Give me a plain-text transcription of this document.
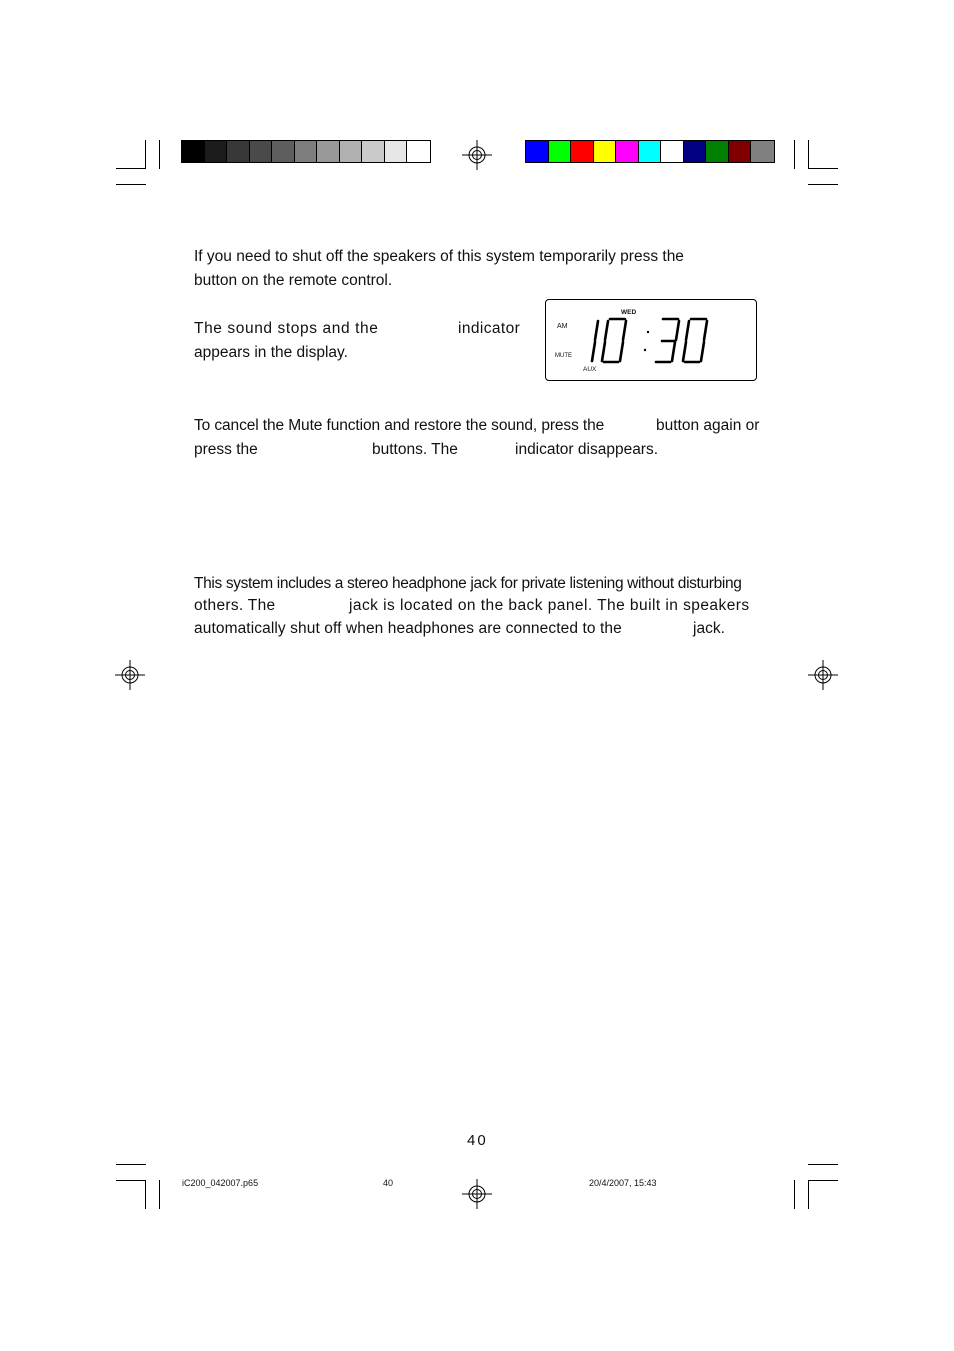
If you need to shut off the speakers of this system temporarily press the
button on the remote control.
The sound stops and the	indicator
appears in the display.
WED
AM
MUTE
AUX
To cancel the Mute function and restore the sound, press the	button again or
press the	buttons. The	indicator disappears.
This system includes a stereo headphone jack for private listening without disturbing
others. The	jack is located on the back panel. The built in speakers
automatically shut off when headphones are connected to the	jack.
40
iC200_042007.p65	40	20/4/2007, 15:43
